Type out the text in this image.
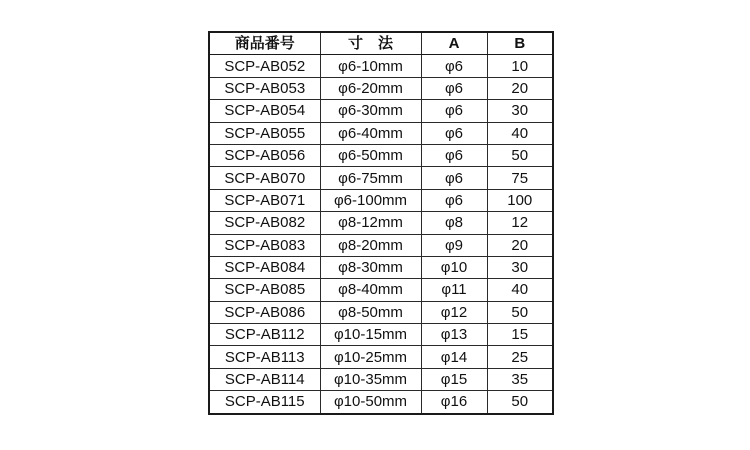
商品番号	寸　法	A	B
SCP-AB052	φ6-10mm	φ6	10
SCP-AB053	φ6-20mm	φ6	20
SCP-AB054	φ6-30mm	φ6	30
SCP-AB055	φ6-40mm	φ6	40
SCP-AB056	φ6-50mm	φ6	50
SCP-AB070	φ6-75mm	φ6	75
SCP-AB071	φ6-100mm	φ6	100
SCP-AB082	φ8-12mm	φ8	12
SCP-AB083	φ8-20mm	φ9	20
SCP-AB084	φ8-30mm	φ10	30
SCP-AB085	φ8-40mm	φ11	40
SCP-AB086	φ8-50mm	φ12	50
SCP-AB112	φ10-15mm	φ13	15
SCP-AB113	φ10-25mm	φ14	25
SCP-AB114	φ10-35mm	φ15	35
SCP-AB115	φ10-50mm	φ16	50
